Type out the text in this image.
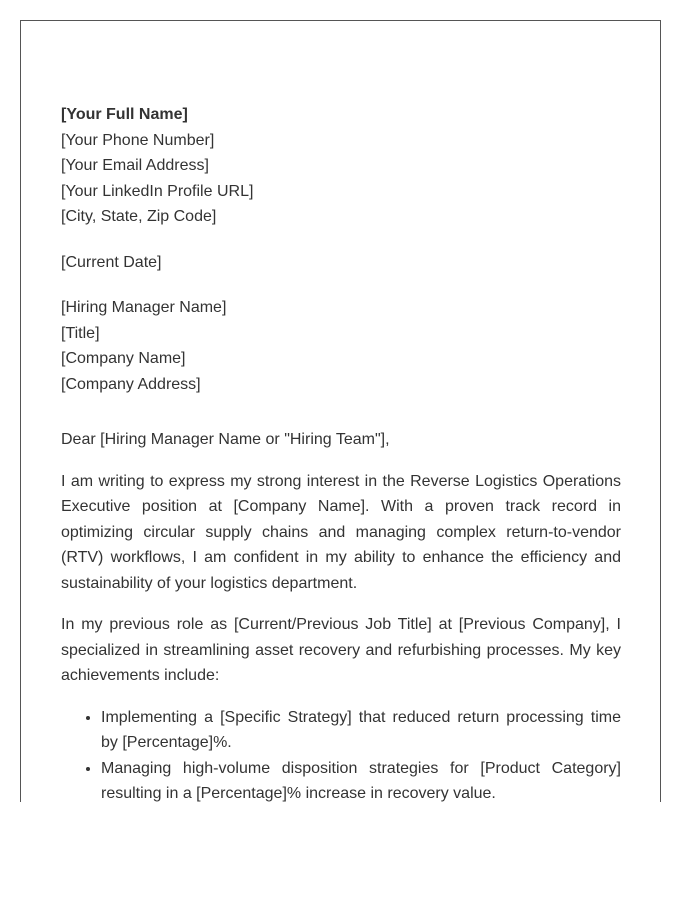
[Your Full Name]
[Your Phone Number]
[Your Email Address]
[Your LinkedIn Profile URL]
[City, State, Zip Code]
[Current Date]
[Hiring Manager Name]
[Title]
[Company Name]
[Company Address]
Dear [Hiring Manager Name or "Hiring Team"],

I am writing to express my strong interest in the Reverse Logistics Operations Executive position at [Company Name]. With a proven track record in optimizing circular supply chains and managing complex return-to-vendor (RTV) workflows, I am confident in my ability to enhance the efficiency and sustainability of your logistics department.

In my previous role as [Current/Previous Job Title] at [Previous Company], I specialized in streamlining asset recovery and refurbishing processes. My key achievements include:

• Implementing a [Specific Strategy] that reduced return processing time by [Percentage]%.
• Managing high-volume disposition strategies for [Product Category] resulting in a [Percentage]% increase in recovery value.
